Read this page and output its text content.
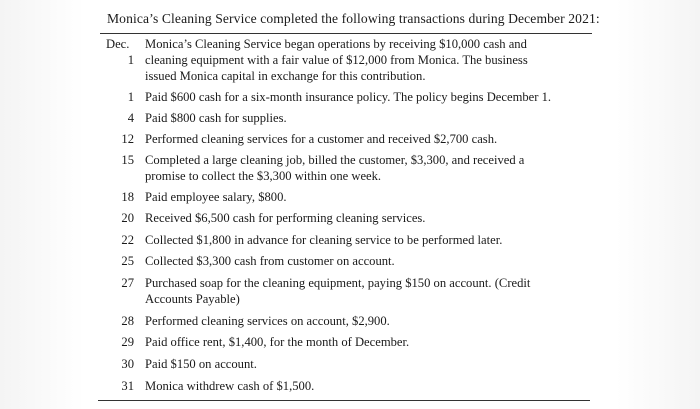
Monica’s Cleaning Service completed the following transactions during December 2021:
Dec.
1
Monica’s Cleaning Service began operations by receiving $10,000 cash and
cleaning equipment with a fair value of $12,000 from Monica. The business
issued Monica capital in exchange for this contribution.
1 Paid $600 cash for a six-month insurance policy. The policy begins December 1.
4 Paid $800 cash for supplies.
12 Performed cleaning services for a customer and received $2,700 cash.
15 Completed a large cleaning job, billed the customer, $3,300, and received a
promise to collect the $3,300 within one week.
18 Paid employee salary, $800.
20 Received $6,500 cash for performing cleaning services.
22 Collected $1,800 in advance for cleaning service to be performed later.
25 Collected $3,300 cash from customer on account.
27 Purchased soap for the cleaning equipment, paying $150 on account. (Credit
Accounts Payable)
28 Performed cleaning services on account, $2,900.
29 Paid office rent, $1,400, for the month of December.
30 Paid $150 on account.
31 Monica withdrew cash of $1,500.
